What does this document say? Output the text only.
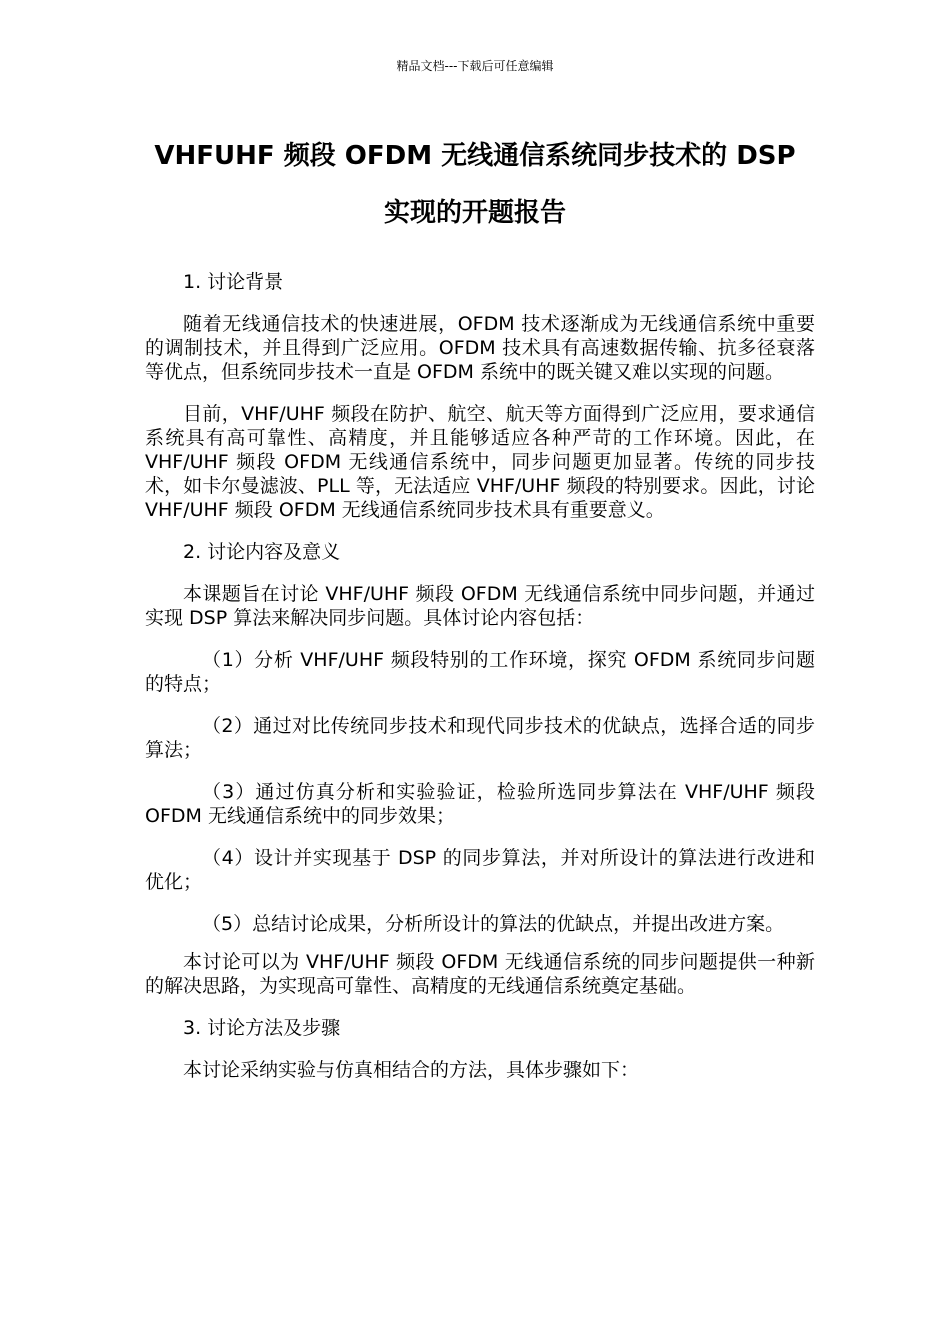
精品文档---下载后可任意编辑
VHFUHF 频段 OFDM 无线通信系统同步技术的 DSP
实现的开题报告

1. 讨论背景

随着无线通信技术的快速进展，OFDM 技术逐渐成为无线通信系统中重要的调制技术，并且得到广泛应用。OFDM 技术具有高速数据传输、抗多径衰落等优点，但系统同步技术一直是 OFDM 系统中的既关键又难以实现的问题。

目前，VHF/UHF 频段在防护、航空、航天等方面得到广泛应用，要求通信系统具有高可靠性、高精度，并且能够适应各种严苛的工作环境。因此，在 VHF/UHF 频段 OFDM 无线通信系统中，同步问题更加显著。传统的同步技术，如卡尔曼滤波、PLL 等，无法适应 VHF/UHF 频段的特别要求。因此，讨论 VHF/UHF 频段 OFDM 无线通信系统同步技术具有重要意义。

2. 讨论内容及意义

本课题旨在讨论 VHF/UHF 频段 OFDM 无线通信系统中同步问题，并通过实现 DSP 算法来解决同步问题。具体讨论内容包括：

（1）分析 VHF/UHF 频段特别的工作环境，探究 OFDM 系统同步问题的特点；

（2）通过对比传统同步技术和现代同步技术的优缺点，选择合适的同步算法；

（3）通过仿真分析和实验验证，检验所选同步算法在 VHF/UHF 频段 OFDM 无线通信系统中的同步效果；

（4）设计并实现基于 DSP 的同步算法，并对所设计的算法进行改进和优化；

（5）总结讨论成果，分析所设计的算法的优缺点，并提出改进方案。

本讨论可以为 VHF/UHF 频段 OFDM 无线通信系统的同步问题提供一种新的解决思路，为实现高可靠性、高精度的无线通信系统奠定基础。

3. 讨论方法及步骤

本讨论采纳实验与仿真相结合的方法，具体步骤如下：
